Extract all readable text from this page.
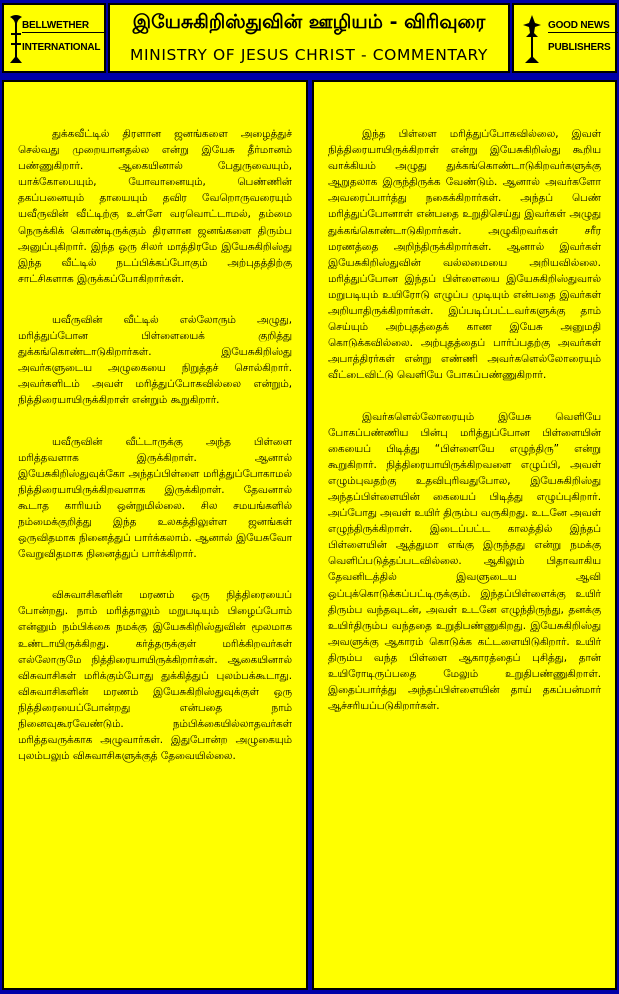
BELLWETHER
INTERNATIONAL
இயேசுகிறிஸ்துவின் ஊழியம் - விரிவுரை
MINISTRY OF JESUS CHRIST - COMMENTARY
GOOD NEWS
PUBLISHERS

துக்கவீட்டில் திரளான ஜனங்களை அழைத்துச் செல்வது முறையானதல்ல என்று இயேசு தீர்மானம் பண்ணுகிறார். ஆகையினால் பேதுருவையும், யாக்கோபையும், யோவானையும், பெண்ணின் தகப்பனையும் தாயையும் தவிர வேறொருவரையும் யவீருவின் வீட்டிற்கு உள்ளே வரவொட்டாமல், தம்மை நெருக்கிக் கொண்டிருக்கும் திரளான ஜனங்களை திரும்ப அனுப்புகிறார். இந்த ஒரு சிலர் மாத்திரமே இயேசுகிறிஸ்து இந்த வீட்டில் நடப்பிக்கப்போகும் அற்புதத்திற்கு சாட்சிகளாக இருக்கப்போகிறார்கள்.

யவீருவின் வீட்டில் எல்லோரும் அழுது, மரித்துப்போன பிள்ளையைக் குறித்து துக்கங்கொண்டாடுகிறார்கள். இயேசுகிறிஸ்து அவர்களுடைய அழுகையை நிறுத்தச் சொல்கிறார். அவர்களிடம் அவள் மரித்துப்போகவில்லை என்றும், நித்திரையாயிருக்கிறாள் என்றும் கூறுகிறார்.

யவீருவின் வீட்டாருக்கு அந்த பிள்ளை மரித்தவளாக இருக்கிறாள். ஆனால் இயேசுகிறிஸ்துவுக்கோ அந்தப்பிள்ளை மரித்துப்போகாமல் நித்திரையாயிருக்கிறவளாக இருக்கிறாள். தேவனால் கூடாத காரியம் ஒன்றுமில்லை. சில சமயங்களில் நம்மைக்குறித்து இந்த உலகத்திலுள்ள ஜனங்கள் ஒருவிதமாக நினைத்துப் பார்க்கலாம். ஆனால் இயேசுவோ வேறுவிதமாக நினைத்துப் பார்க்கிறார்.

விசுவாசிகளின் மரணம் ஒரு நித்திரையைப் போன்றது. நாம் மரித்தாலும் மறுபடியும் பிழைப்போம் என்னும் நம்பிக்கை நமக்கு இயேசுகிறிஸ்துவின் மூலமாக உண்டாயிருக்கிறது. கர்த்தருக்குள் மரிக்கிறவர்கள் எல்லோருமே நித்திரையாயிருக்கிறார்கள். ஆகையினால் விசுவாசிகள் மரிக்கும்போது துக்கித்துப் புலம்பக்கூடாது. விசுவாசிகளின் மரணம் இயேசுகிறிஸ்துவுக்குள் ஒரு நித்திரையைப்போன்றது என்பதை நாம் நினைவுகூரவேண்டும். நம்பிக்கையில்லாதவர்கள் மரித்தவருக்காக அழுவார்கள். இதுபோன்ற அழுகையும் புலம்பலும் விசுவாசிகளுக்குத் தேவையில்லை.

இந்த பிள்ளை மரித்துப்போகவில்லை, இவள் நித்திரையாயிருக்கிறாள் என்று இயேசுகிறிஸ்து கூறிய வாக்கியம் அழுது துக்கங்கொண்டாடுகிறவர்களுக்கு ஆறுதலாக இருந்திருக்க வேண்டும். ஆனால் அவர்களோ அவரைப்பார்த்து நகைக்கிறார்கள். அந்தப் பெண் மரித்துப்போனாள் என்பதை உறுதிசெய்து இவர்கள் அழுது துக்கங்கொண்டாடுகிறார்கள். அழுகிறவர்கள் சரீர மரணத்தை அறிந்திருக்கிறார்கள். ஆனால் இவர்கள் இயேசுகிறிஸ்துவின் வல்லமையை அறியவில்லை. மரித்துப்போன இந்தப் பிள்ளையை இயேசுகிறிஸ்துவால் மறுபடியும் உயிரோடு எழுப்ப முடியும் என்பதை இவர்கள் அறியாதிருக்கிறார்கள். இப்படிப்பட்டவர்களுக்கு தாம் செய்யும் அற்புதத்தைக் காண இயேசு அனுமதி கொடுக்கவில்லை. அற்புதத்தைப் பார்ப்பதற்கு அவர்கள் அபாத்திரர்கள் என்று எண்ணி அவர்களெல்லோரையும் வீட்டைவிட்டு வெளியே போகப்பண்ணுகிறார்.

இவர்களெல்லோரையும் இயேசு வெளியே போகப்பண்ணிய பின்பு மரித்துப்போன பிள்ளையின் கையைப் பிடித்து “பிள்ளையே எழுந்திரு” என்று கூறுகிறார். நித்திரையாயிருக்கிறவளை எழுப்பி, அவள் எழும்புவதற்கு உதவிபுரிவதுபோல, இயேசுகிறிஸ்து அந்தப்பிள்ளையின் கையைப் பிடித்து எழுப்புகிறார். அப்போது அவள் உயிர் திரும்ப வருகிறது. உடனே அவள் எழுந்திருக்கிறாள். இடைப்பட்ட காலத்தில் இந்தப் பிள்ளையின் ஆத்துமா எங்கு இருந்தது என்று நமக்கு வெளிப்படுத்தப்படவில்லை. ஆகிலும் பிதாவாகிய தேவனிடத்தில் இவளுடைய ஆவி ஒப்புக்கொடுக்கப்பட்டிருக்கும். இந்தப்பிள்ளைக்கு உயிர் திரும்ப வந்தவுடன், அவள் உடனே எழுந்திருந்து, தனக்கு உயிர்திரும்ப வந்ததை உறுதிபண்ணுகிறது. இயேசுகிறிஸ்து அவளுக்கு ஆகாரம் கொடுக்க கட்டளையிடுகிறார். உயிர் திரும்ப வந்த பிள்ளை ஆகாரத்தைப் புசித்து, தான் உயிரோடிருப்பதை மேலும் உறுதிபண்ணுகிறாள். இதைப்பார்த்து அந்தப்பிள்ளையின் தாய் தகப்பன்மார் ஆச்சரியப்படுகிறார்கள்.
